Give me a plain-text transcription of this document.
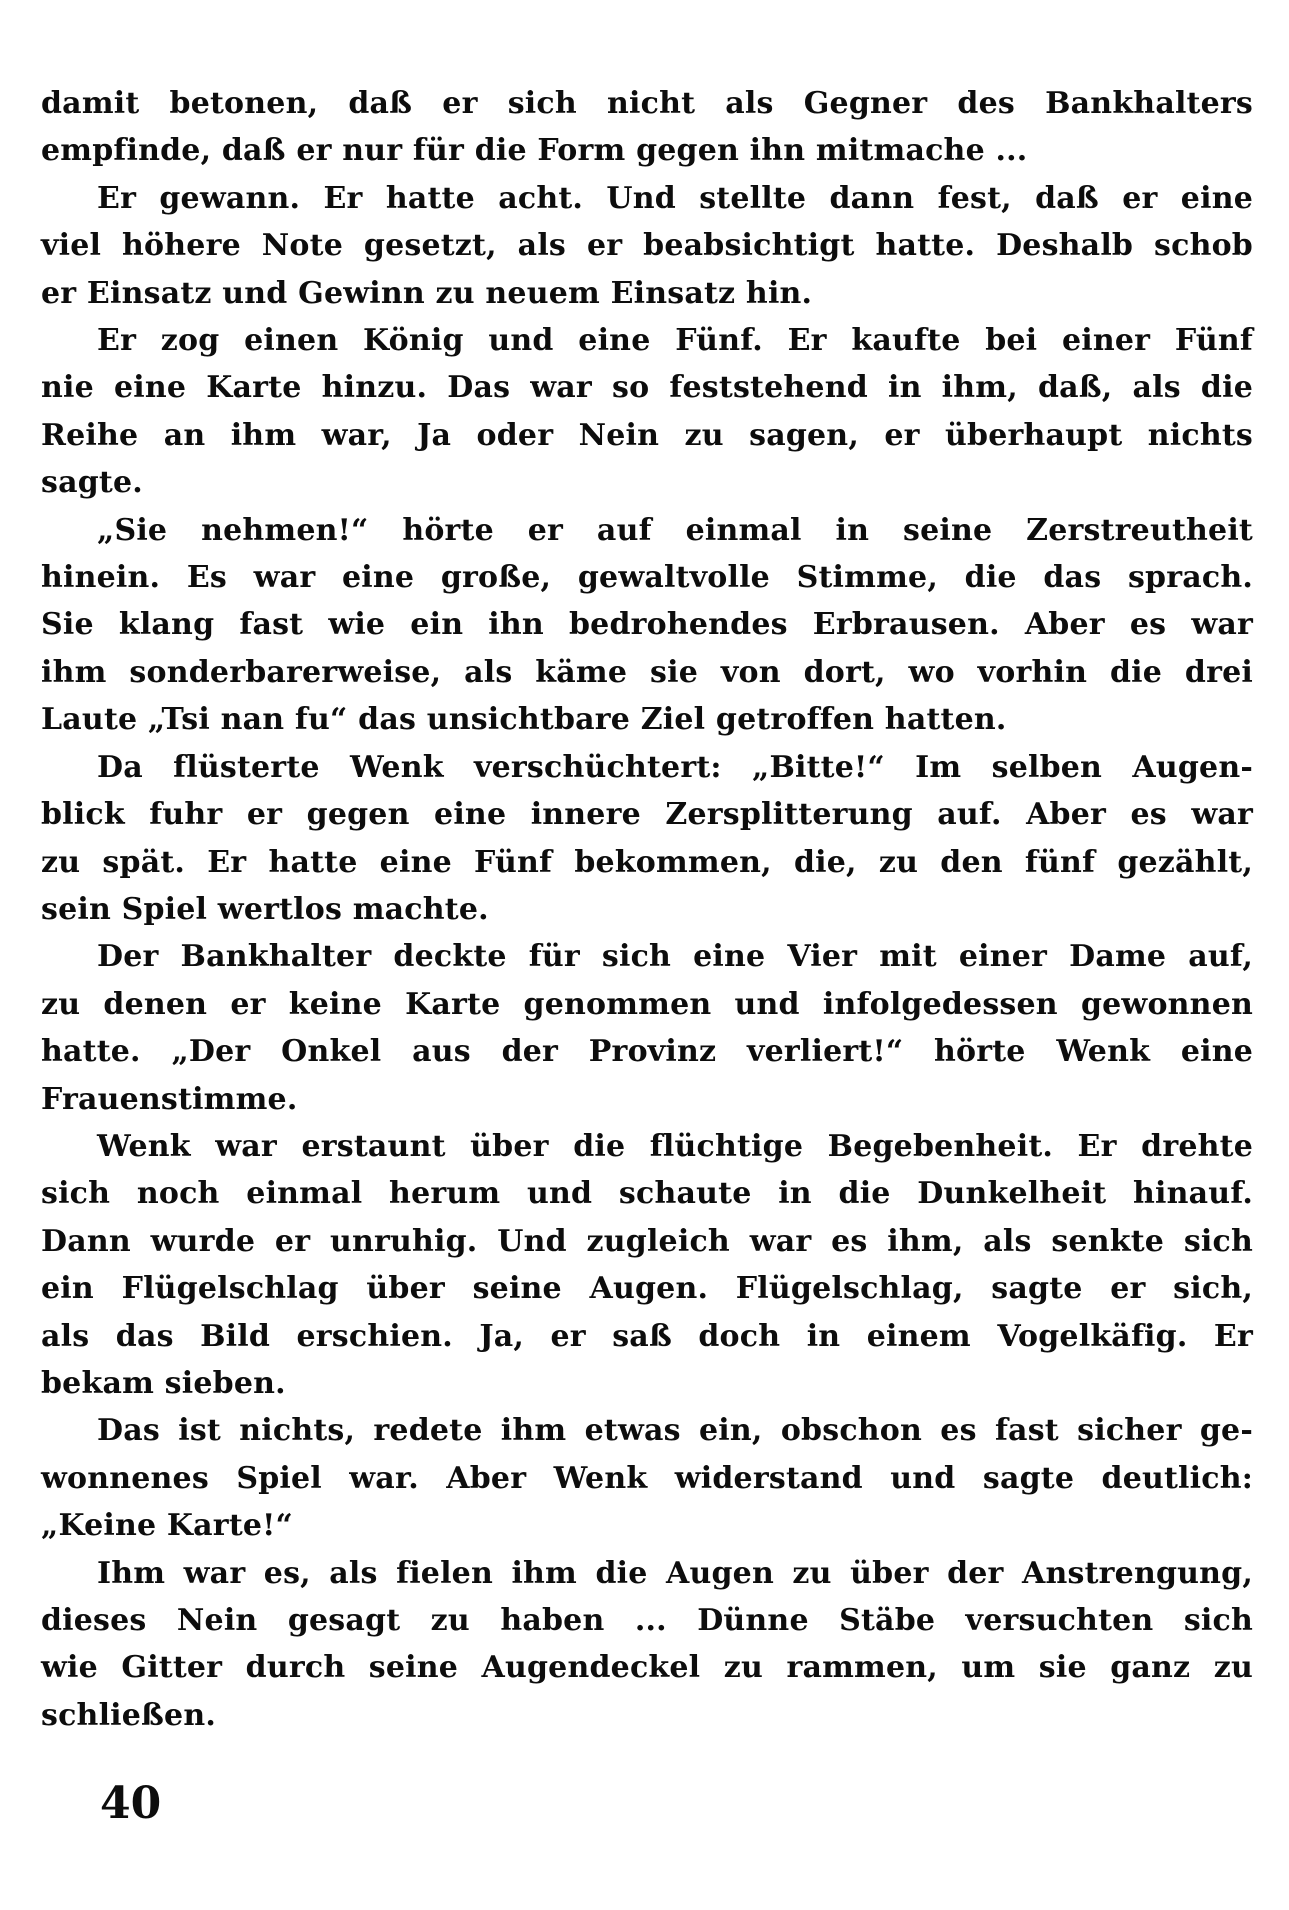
damit betonen, daß er sich nicht als Gegner des Bankhalters
empfinde, daß er nur für die Form gegen ihn mitmache ...
Er gewann. Er hatte acht. Und stellte dann fest, daß er eine
viel höhere Note gesetzt, als er beabsichtigt hatte. Deshalb schob
er Einsatz und Gewinn zu neuem Einsatz hin.
Er zog einen König und eine Fünf. Er kaufte bei einer Fünf
nie eine Karte hinzu. Das war so feststehend in ihm, daß, als die
Reihe an ihm war, Ja oder Nein zu sagen, er überhaupt nichts
sagte.
„Sie nehmen!“ hörte er auf einmal in seine Zerstreutheit
hinein. Es war eine große, gewaltvolle Stimme, die das sprach.
Sie klang fast wie ein ihn bedrohendes Erbrausen. Aber es war
ihm sonderbarerweise, als käme sie von dort, wo vorhin die drei
Laute „Tsi nan fu“ das unsichtbare Ziel getroffen hatten.
Da flüsterte Wenk verschüchtert: „Bitte!“ Im selben Augen-
blick fuhr er gegen eine innere Zersplitterung auf. Aber es war
zu spät. Er hatte eine Fünf bekommen, die, zu den fünf gezählt,
sein Spiel wertlos machte.
Der Bankhalter deckte für sich eine Vier mit einer Dame auf,
zu denen er keine Karte genommen und infolgedessen gewonnen
hatte. „Der Onkel aus der Provinz verliert!“ hörte Wenk eine
Frauenstimme.
Wenk war erstaunt über die flüchtige Begebenheit. Er drehte
sich noch einmal herum und schaute in die Dunkelheit hinauf.
Dann wurde er unruhig. Und zugleich war es ihm, als senkte sich
ein Flügelschlag über seine Augen. Flügelschlag, sagte er sich,
als das Bild erschien. Ja, er saß doch in einem Vogelkäfig. Er
bekam sieben.
Das ist nichts, redete ihm etwas ein, obschon es fast sicher ge-
wonnenes Spiel war. Aber Wenk widerstand und sagte deutlich:
„Keine Karte!“
Ihm war es, als fielen ihm die Augen zu über der Anstrengung,
dieses Nein gesagt zu haben ... Dünne Stäbe versuchten sich
wie Gitter durch seine Augendeckel zu rammen, um sie ganz zu
schließen.
40
